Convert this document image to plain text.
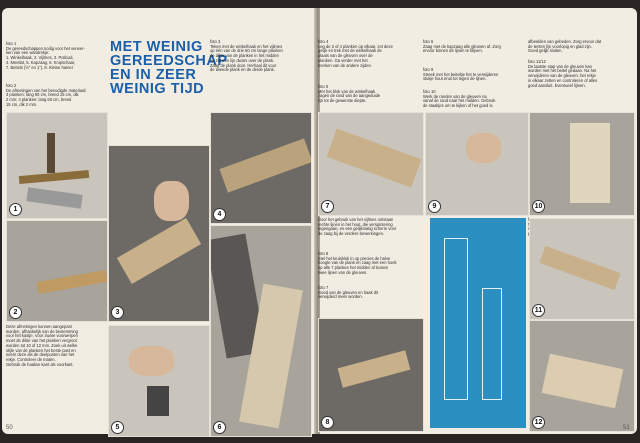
foto 1
De gereedschappen nodig voor het verwer-
ken van een wandrekje:
1. Winkelhaak, 2. Vijlmes, 3. Potlood,
4. Meetlat, 5. Kapzaag, 6. Knipschaar,
7. Beitels (½" en 1"), 8. Kleine hamer
foto 2
De afmetingen van het benodigde materiaal:
3 planken: lang 90 cm, breed 15 cm, dik
2 mm; 4 planken: lang 60 cm, breed
15 cm, dik 2 mm.
MET WEINIG
GEREEDSCHAP
EN IN ZEER
WEINIG TIJD
foto 3
Teken met de winkelhaak en het vijlmes
op één van de drie 60 cm lange planken
de dikte van de planken in het midden
en zet een lijn dwars over de plank.
Zaag de plank door. Herhaal dit voor
de tweede plank en de derde plank.
Deze afmetingen kunnen aangepast
worden, afhankelijk van de bestemming
voor het kastje. Voor zware voorwerpen
moet de dikte van het planken vergroot
worden tot 10 of 12 mm. Zoek uit welke
stijle van de planken het beste past en
neem deze als de deelpunten van het
rekje. Controleer de maten.
Gebruik de haakse kant als voorkant.
1
2	3
5
4
6
foto 4
Leg de 3 of 4 planken op elkaar, zet deze
gelijk en trek met de winkelhaak de
plaats van de gleuven over de
planken. Ga verder met het
merken van de andere zijden.
foto 5
Met het blok van de winkelhaak
zagen de rand van de aangeduide
lijn tot de gewenste diepte.
foto 6
Zaag met de kapzaag alle gleuven af. Zorg
ervoor binnen de lijnen te blijven.
foto 9
Streek met het beiteltje het te verwijderen
stukje hout eruit tot tegen de lijnen.
foto 10
Werk de randen van de gleuven na
vanaf de rand naar het midden. Gebruik
de staaltjes om te kijken of het goed is.
afbeelden van gebeden. Zorg ervoor dat
de tenten lijn voorlopig en glad zijn.
Goed gelijk sluiten.
foto 11/12
De laatste stap van de gleuven kan
worden met het beitel gedaan. Na het
verwijderen van de gleuven, het rekje
in elkaar zetten en controleren of alles
goed aansluit. Eventueel lijmen.
Door het gebruik van het vijlmes ontstaan
rechte lijnen in het hout, die verspintering
tegengaan, en een gelijkmatig scherm voor
de zaag bij de verdere bewerkingen.
foto 8
Stel het kruisblok in op precies de halve
hoogte van de plank en zaag met een hoek
op alle 7 planken het midden af tussen
twee lijnen van de gleuven.
foto 7
Goed van de gleuven en haak dit
verwijderd meer worden.
7	9	10
8
11
12
50	51
